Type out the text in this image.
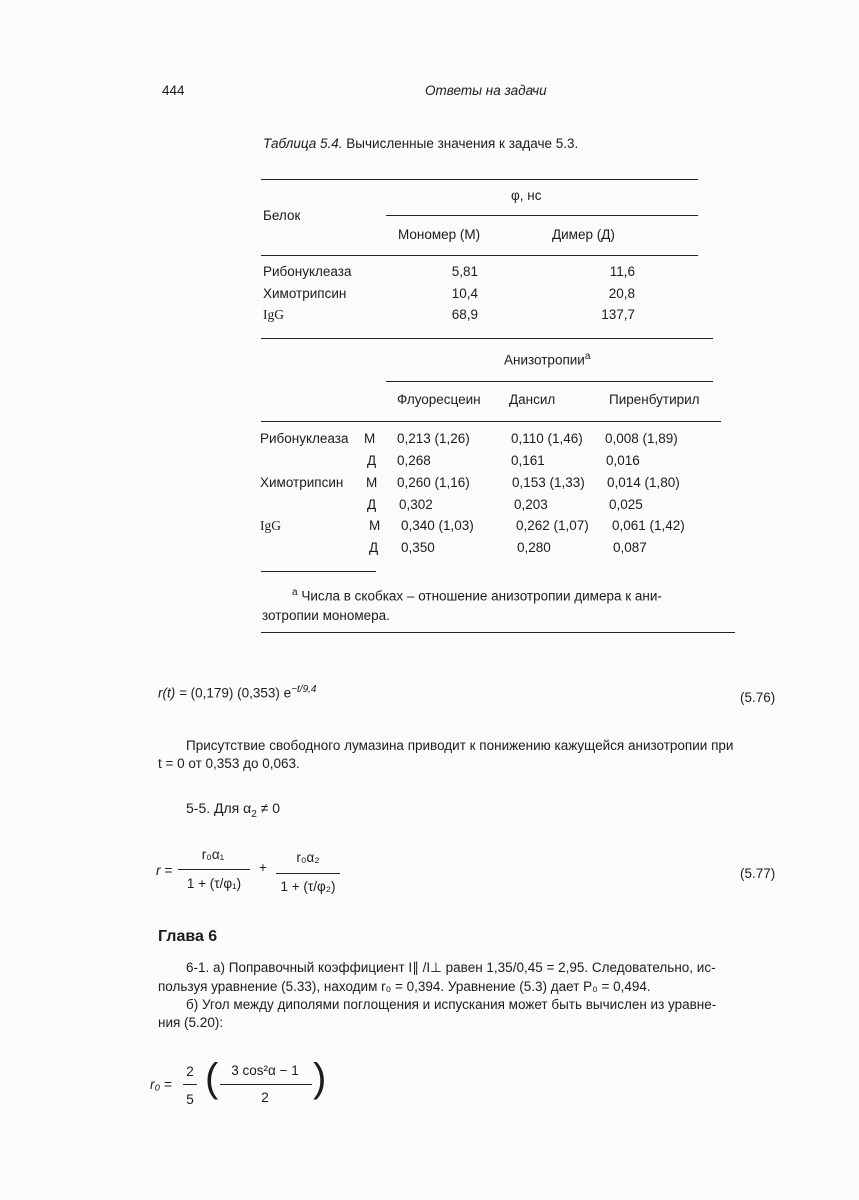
444	Ответы на задачи
Таблица 5.4. Вычисленные значения к задаче 5.3.
Белок
φ, нс
Мономер (М)	Димер (Д)
Рибонуклеаза	5,81	11,6
Химотрипсин	10,4	20,8
IgG	68,9	137,7
Анизотропии$^a$
Флуоресцеин Дансил	Пиренбутирил
Рибонуклеаза М 0,213 (1,26)	0,110 (1,46) 0,008 (1,89)
Д 0,268	0,161	0,016
Химотрипсин М 0,260 (1,16)	0,153 (1,33) 0,014 (1,80)
Д 0,302	0,203	0,025
IgG	М 0,340 (1,03)	0,262 (1,07) 0,061 (1,42)
Д 0,350	0,280	0,087
$^a$ Числа в скобках – отношение анизотропии димера к ани-
зотропии мономера.
r(t) = (0,179) (0,353) $e^{-t/9,4}$
(5.76)
Присутствие свободного лумазина приводит к понижению кажущейся анизотропии при
t = 0 от 0,353 до 0,063.
5-5. Для $\alpha_2 \ne 0$
r =
r₀α₁
1 + (τ/φ₁)
+
r₀α₂
1 + (τ/φ₂)
(5.77)
Глава 6
6-1. а) Поправочный коэффициент I∥ /I⊥ равен 1,35/0,45 = 2,95. Следовательно, ис-
пользуя уравнение (5.33), находим r₀ = 0,394. Уравнение (5.3) дает P₀ = 0,494.
б) Угол между диполями поглощения и испускания может быть вычислен из уравне-
ния (5.20):
r₀ =
2
5 ( 3 cos²α − 1
2	)
